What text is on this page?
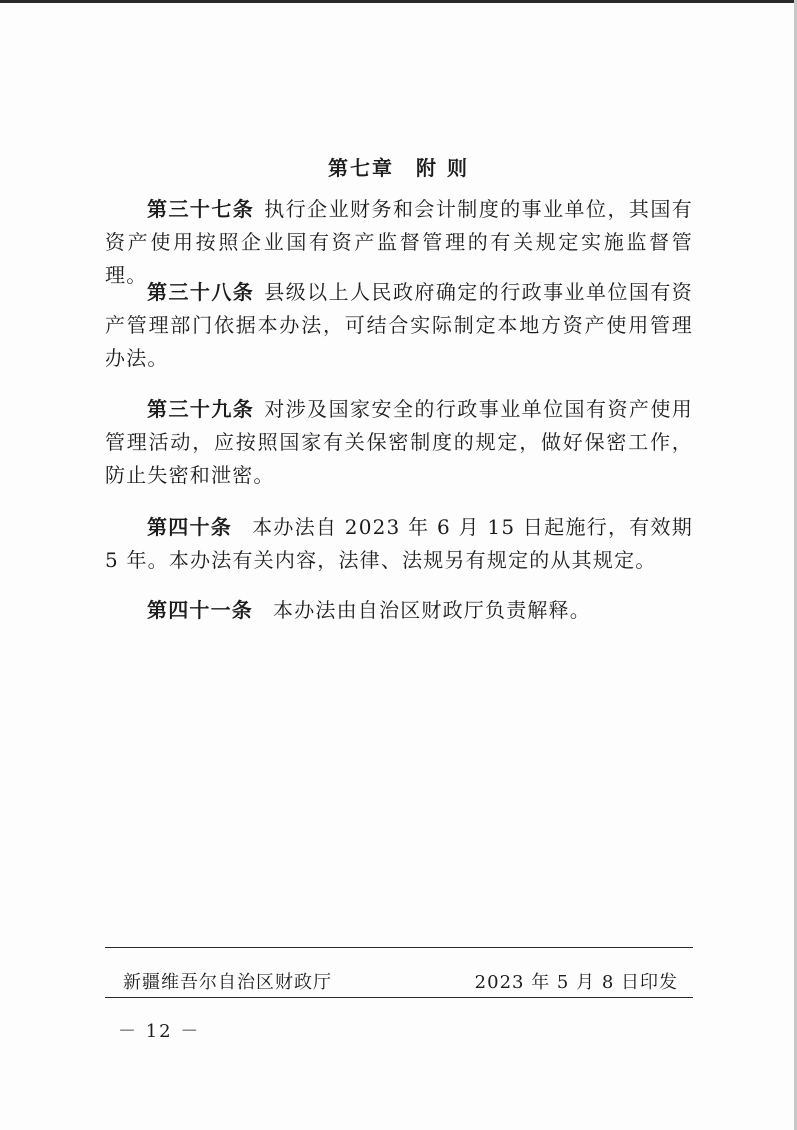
第七章 附 则

第三十七条 执行企业财务和会计制度的事业单位，其国有资产使用按照企业国有资产监督管理的有关规定实施监督管理。

第三十八条 县级以上人民政府确定的行政事业单位国有资产管理部门依据本办法，可结合实际制定本地方资产使用管理办法。

第三十九条 对涉及国家安全的行政事业单位国有资产使用管理活动，应按照国家有关保密制度的规定，做好保密工作，防止失密和泄密。

第四十条 本办法自 2023 年 6 月 15 日起施行，有效期 5 年。本办法有关内容，法律、法规另有规定的从其规定。

第四十一条 本办法由自治区财政厅负责解释。

新疆维吾尔自治区财政厅	2023 年 5 月 8 日印发
－ 12 －
